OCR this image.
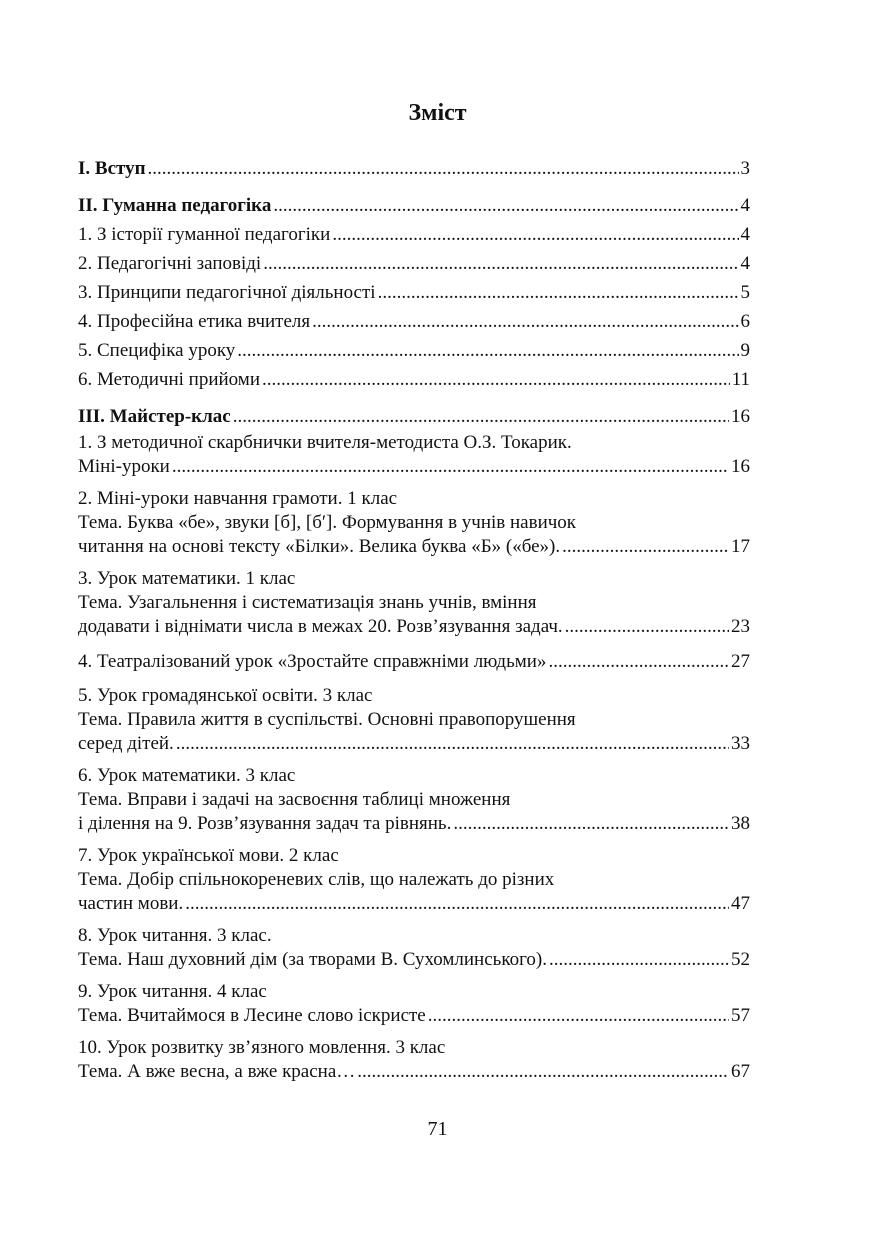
Зміст
I. Вступ .....	3
II. Гуманна педагогіка .....	4
1. З історії гуманної педагогіки .....	4
2. Педагогічні заповіді .....	4
3. Принципи педагогічної діяльності .....	5
4. Професійна етика вчителя .....	6
5. Специфіка уроку .....	9
6. Методичні прийоми .....	11
III. Майстер-клас .....	16
1. З методичної скарбнички вчителя-методиста О.З. Токарик.
Міні-уроки .....	16
2. Міні-уроки навчання грамоти. 1 клас
Тема. Буква «бе», звуки [б], [б′]. Формування в учнів навичок
читання на основі тексту «Білки». Велика буква «Б» («бе»). .....	17
3. Урок математики. 1 клас
Тема. Узагальнення і систематизація знань учнів, вміння
додавати і віднімати числа в межах 20. Розв’язування задач. .....	23
4. Театралізований урок «Зростайте справжніми людьми» .....	27
5. Урок громадянської освіти. 3 клас
Тема. Правила життя в суспільстві. Основні правопорушення
серед дітей. .....	33
6. Урок математики. 3 клас
Тема. Вправи і задачі на засвоєння таблиці множення
і ділення на 9. Розв’язування задач та рівнянь. .....	38
7. Урок української мови. 2 клас
Тема. Добір спільнокореневих слів, що належать до різних
частин мови. .....	47
8. Урок читання. 3 клас.
Тема. Наш духовний дім (за творами В. Сухомлинського). .....	52
9. Урок читання. 4 клас
Тема. Вчитаймося в Лесине слово іскристе .....	57
10. Урок розвитку зв’язного мовлення. 3 клас
Тема. А вже весна, а вже красна… .....	67
71
